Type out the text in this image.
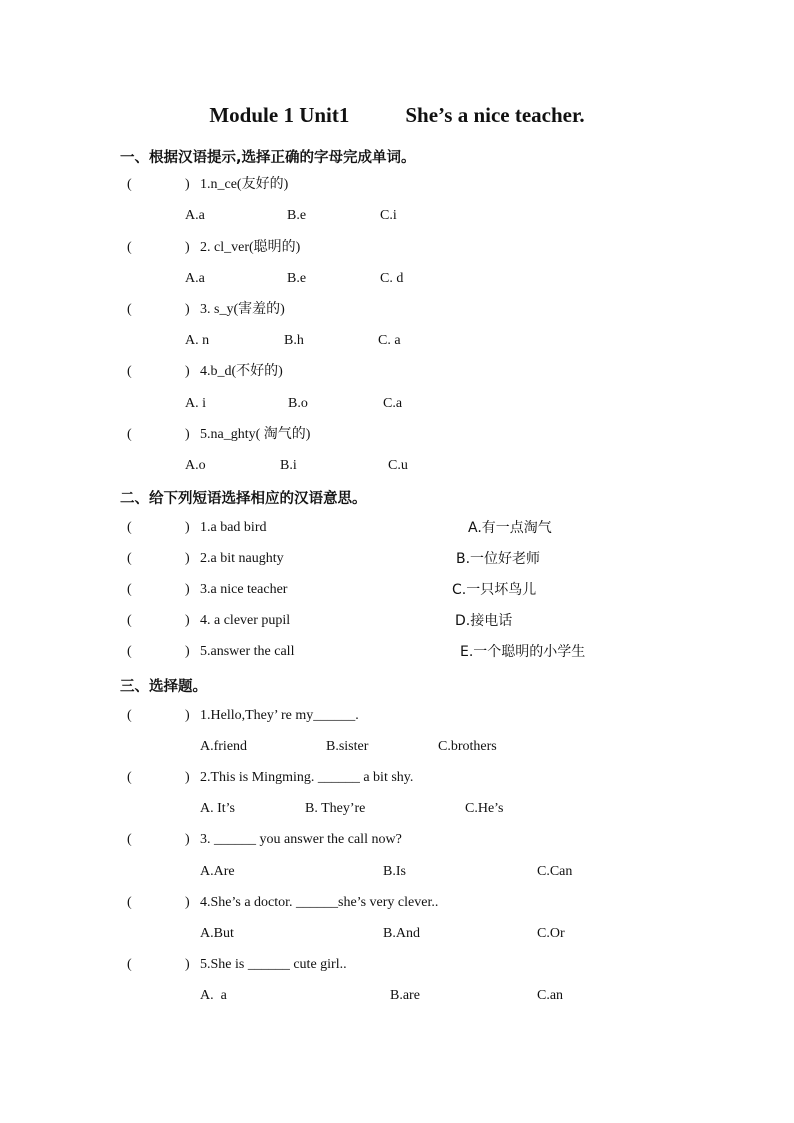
Module 1 Unit1	She’s a nice teacher.
一、根据汉语提示,选择正确的字母完成单词。
(	) 1.n_ce(友好的)
A.a	B.e	C.i
(	) 2. cl_ver(聪明的)
A.a	B.e	C. d
(	) 3. s_y(害羞的)
A. n	B.h	C. a
(	) 4.b_d(不好的)
A. i	B.o	C.a
(	) 5.na_ghty( 淘气的)
A.o	B.i	C.u
二、给下列短语选择相应的汉语意思。
(	) 1.a bad bird	A.有一点淘气
(	) 2.a bit naughty	B.一位好老师
(	) 3.a nice teacher	C.一只坏鸟儿
(	) 4. a clever pupil	D.接电话
(	) 5.answer the call	E.一个聪明的小学生
三、选择题。
(	) 1.Hello,They’ re my______.
A.friend	B.sister	C.brothers
(	) 2.This is Mingming. ______ a bit shy.
A. It’s	B. They’re	C.He’s
(	) 3. ______ you answer the call now?
A.Are	B.Is	C.Can
(	) 4.She’s a doctor. ______she’s very clever..
A.But	B.And	C.Or
(	) 5.She is ______ cute girl..
A.  a	B.are	C.an
